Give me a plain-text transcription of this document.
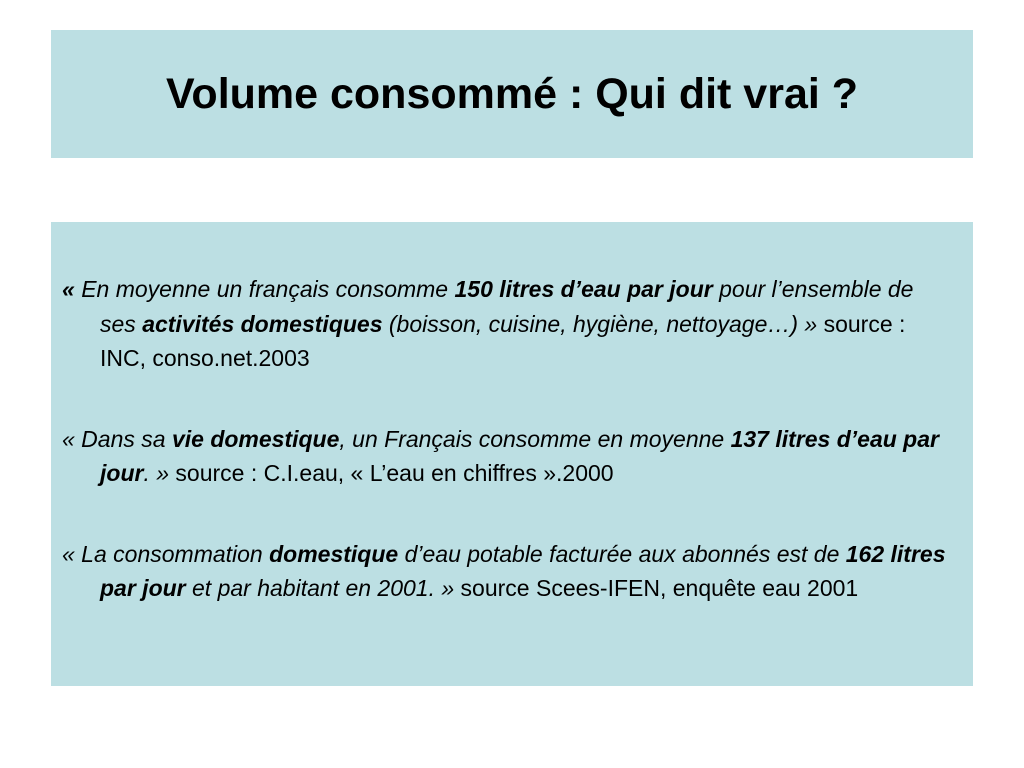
Volume consommé : Qui dit vrai ?

« En moyenne un français consomme 150 litres d’eau par jour pour l’ensemble de ses activités domestiques (boisson, cuisine, hygiène, nettoyage…) » source : INC, conso.net.2003

« Dans sa vie domestique, un Français consomme en moyenne 137 litres d’eau par jour. » source : C.I.eau, « L’eau en chiffres ».2000

« La consommation domestique d’eau potable facturée aux abonnés est de 162 litres par jour et par habitant en 2001. » source Scees-IFEN, enquête eau 2001
